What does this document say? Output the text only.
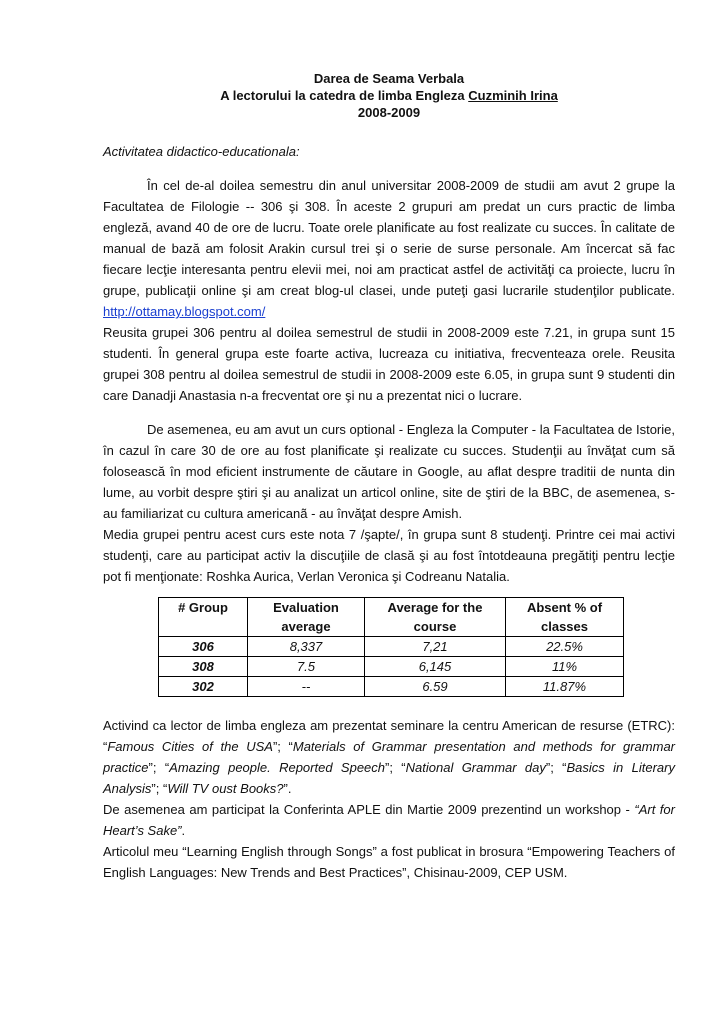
Darea de Seama Verbala
A lectorului la catedra de limba Engleza Cuzminih Irina
2008-2009
Activitatea didactico-educationala:

În cel de-al doilea semestru din anul universitar 2008-2009 de studii am avut 2 grupe la Facultatea de Filologie -- 306 şi 308. În aceste 2 grupuri am predat un curs practic de limba engleză, avand 40 de ore de lucru. Toate orele planificate au fost realizate cu succes. În calitate de manual de bază am folosit Arakin cursul trei şi o serie de surse personale. Am încercat să fac fiecare lecţie interesanta pentru elevii mei, noi am practicat astfel de activităţi ca proiecte, lucru în grupe, publicaţii online şi am creat blog-ul clasei, unde puteţi gasi lucrarile studenţilor publicate. http://ottamay.blogspot.com/

Reusita grupei 306 pentru al doilea semestrul de studii in 2008-2009 este 7.21, in grupa sunt 15 studenti. În general grupa este foarte activa, lucreaza cu initiativa, frecventeaza orele. Reusita grupei 308 pentru al doilea semestrul de studii in 2008-2009 este 6.05, in grupa sunt 9 studenti din care Danadji Anastasia n-a frecventat ore şi nu a prezentat nici o lucrare.

De asemenea, eu am avut un curs optional - Engleza la Computer - la Facultatea de Istorie, în cazul în care 30 de ore au fost planificate şi realizate cu succes. Studenţii au învăţat cum să folosească în mod eficient instrumente de căutare in Google, au aflat despre traditii de nunta din lume, au vorbit despre ştiri şi au analizat un articol online, site de ştiri de la BBC, de asemenea, s-au familiarizat cu cultura americanã - au învăţat despre Amish.

Media grupei pentru acest curs este nota 7 /şapte/, în grupa sunt 8 studenţi. Printre cei mai activi studenţi, care au participat activ la discuţiile de clasă şi au fost întotdeauna pregătiţi pentru lecţie pot fi menţionate: Roshka Aurica, Verlan Veronica şi Codreanu Natalia.

# Group	Evaluation average	Average for the course	Absent % of classes
306	8,337	7,21	22.5%
308	7.5	6,145	11%
302	--	6.59	11.87%

Activind ca lector de limba engleza am prezentat seminare la centru American de resurse (ETRC): “Famous Cities of the USA”; “Materials of Grammar presentation and methods for grammar practice”; “Amazing people. Reported Speech”; “National Grammar day”; “Basics in Literary Analysis”; “Will TV oust Books?”.

De asemenea am participat la Conferinta APLE din Martie 2009 prezentind un workshop - “Art for Heart’s Sake”.

Articolul meu “Learning English through Songs” a fost publicat in brosura “Empowering Teachers of English Languages: New Trends and Best Practices”, Chisinau-2009, CEP USM.
